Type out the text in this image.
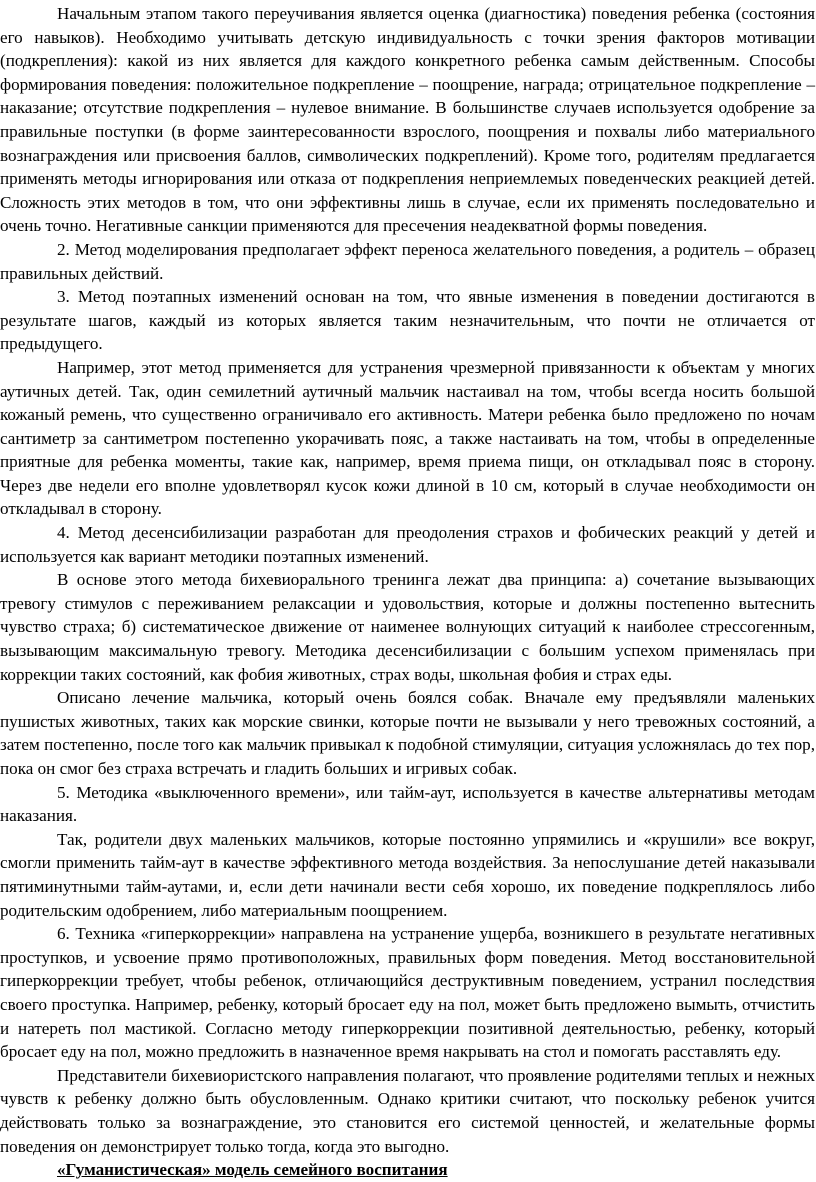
Начальным этапом такого переучивания является оценка (диагностика) поведения ребенка (состояния его навыков). Необходимо учитывать детскую индивидуальность с точки зрения факторов мотивации (подкрепления): какой из них является для каждого конкретного ребенка самым действенным. Способы формирования поведения: положительное подкрепление – поощрение, награда; отрицательное подкрепление – наказание; отсутствие подкрепления – нулевое внимание. В большинстве случаев используется одобрение за правильные поступки (в форме заинтересованности взрослого, поощрения и похвалы либо материального вознаграждения или присвоения баллов, символических подкреплений). Кроме того, родителям предлагается применять методы игнорирования или отказа от подкрепления неприемлемых поведенческих реакцией детей. Сложность этих методов в том, что они эффективны лишь в случае, если их применять последовательно и очень точно. Негативные санкции применяются для пресечения неадекватной формы поведения.

2. Метод моделирования предполагает эффект переноса желательного поведения, а родитель – образец правильных действий.

3. Метод поэтапных изменений основан на том, что явные изменения в поведении достигаются в результате шагов, каждый из которых является таким незначительным, что почти не отличается от предыдущего.

Например, этот метод применяется для устранения чрезмерной привязанности к объектам у многих аутичных детей. Так, один семилетний аутичный мальчик настаивал на том, чтобы всегда носить большой кожаный ремень, что существенно ограничивало его активность. Матери ребенка было предложено по ночам сантиметр за сантиметром постепенно укорачивать пояс, а также настаивать на том, чтобы в определенные приятные для ребенка моменты, такие как, например, время приема пищи, он откладывал пояс в сторону. Через две недели его вполне удовлетворял кусок кожи длиной в 10 см, который в случае необходимости он откладывал в сторону.

4. Метод десенсибилизации разработан для преодоления страхов и фобических реакций у детей и используется как вариант методики поэтапных изменений.

В основе этого метода бихевиорального тренинга лежат два принципа: а) сочетание вызывающих тревогу стимулов с переживанием релаксации и удовольствия, которые и должны постепенно вытеснить чувство страха; б) систематическое движение от наименее волнующих ситуаций к наиболее стрессогенным, вызывающим максимальную тревогу. Методика десенсибилизации с большим успехом применялась при коррекции таких состояний, как фобия животных, страх воды, школьная фобия и страх еды.

Описано лечение мальчика, который очень боялся собак. Вначале ему предъявляли маленьких пушистых животных, таких как морские свинки, которые почти не вызывали у него тревожных состояний, а затем постепенно, после того как мальчик привыкал к подобной стимуляции, ситуация усложнялась до тех пор, пока он смог без страха встречать и гладить больших и игривых собак.

5. Методика «выключенного времени», или тайм-аут, используется в качестве альтернативы методам наказания.

Так, родители двух маленьких мальчиков, которые постоянно упрямились и «крушили» все вокруг, смогли применить тайм-аут в качестве эффективного метода воздействия. За непослушание детей наказывали пятиминутными тайм-аутами, и, если дети начинали вести себя хорошо, их поведение подкреплялось либо родительским одобрением, либо материальным поощрением.

6. Техника «гиперкоррекции» направлена на устранение ущерба, возникшего в результате негативных проступков, и усвоение прямо противоположных, правильных форм поведения. Метод восстановительной гиперкоррекции требует, чтобы ребенок, отличающийся деструктивным поведением, устранил последствия своего проступка. Например, ребенку, который бросает еду на пол, может быть предложено вымыть, отчистить и натереть пол мастикой. Согласно методу гиперкоррекции позитивной деятельностью, ребенку, который бросает еду на пол, можно предложить в назначенное время накрывать на стол и помогать расставлять еду.

Представители бихевиористского направления полагают, что проявление родителями теплых и нежных чувств к ребенку должно быть обусловленным. Однако критики считают, что поскольку ребенок учится действовать только за вознаграждение, это становится его системой ценностей, и желательные формы поведения он демонстрирует только тогда, когда это выгодно.

«Гуманистическая» модель семейного воспитания
